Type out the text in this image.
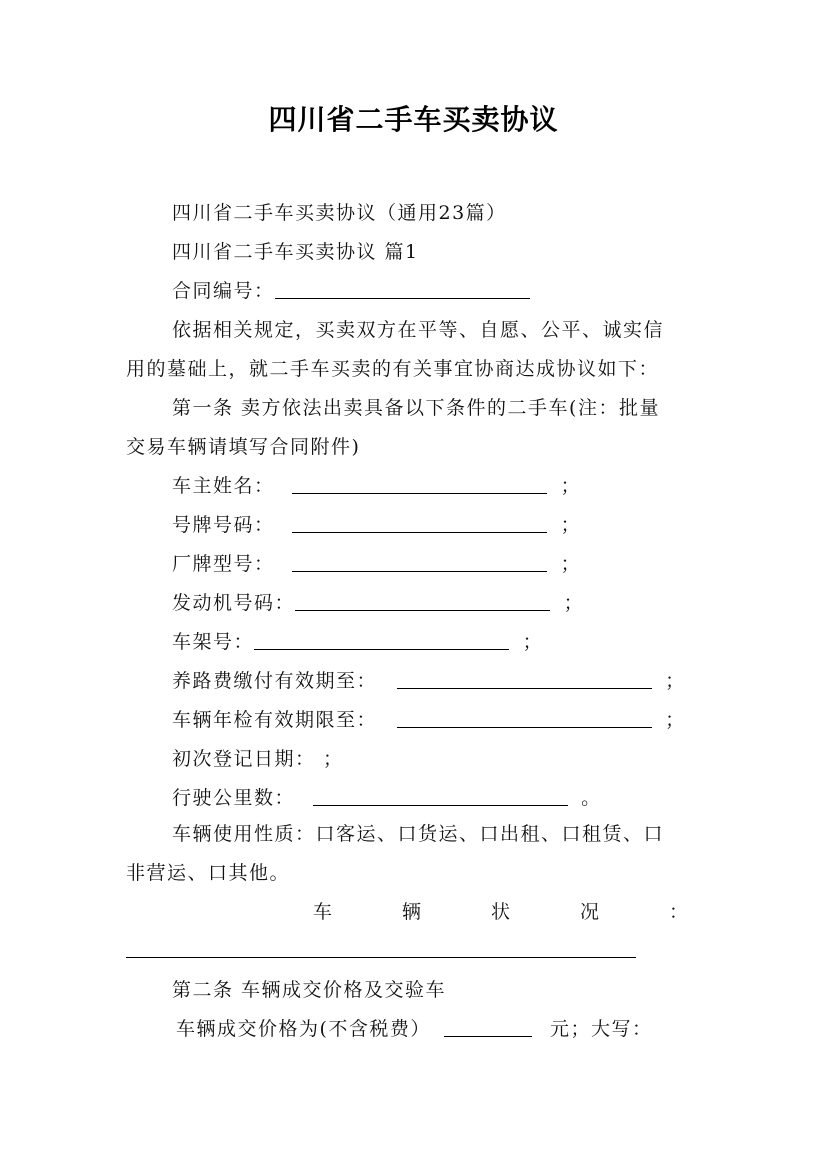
四川省二手车买卖协议
四川省二手车买卖协议（通用23篇）
四川省二手车买卖协议 篇1
合同编号：
依据相关规定，买卖双方在平等、自愿、公平、诚实信
用的墓础上，就二手车买卖的有关事宜协商达成协议如下：
第一条 卖方依法出卖具备以下条件的二手车(注：批量
交易车辆请填写合同附件)
车主姓名：	；
号牌号码：	；
厂牌型号：	；
发动机号码：	；
车架号：	；
养路费缴付有效期至：	；
车辆年检有效期限至：	；
初次登记日期： ；
行驶公里数：	。
车辆使用性质：口客运、口货运、口出租、口租赁、口
非营运、口其他。
车	辆	状	况	：
第二条 车辆成交价格及交验车
车辆成交价格为(不含税费）	元；大写：
